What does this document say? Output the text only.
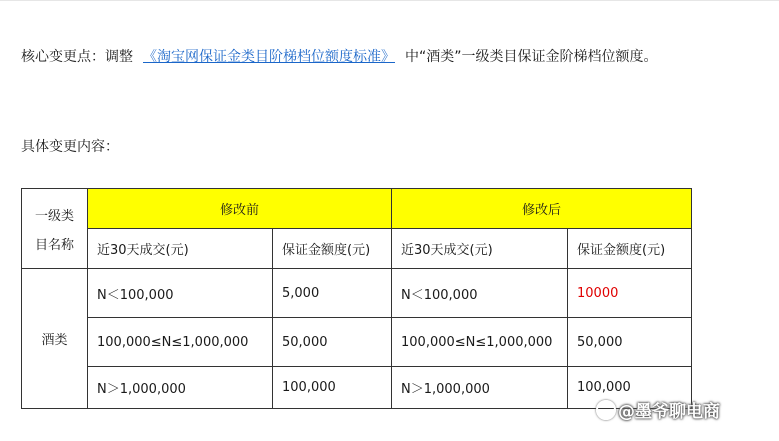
核心变更点：调整 《淘宝网保证金类目阶梯档位额度标准》 中“酒类”一级类目保证金阶梯档位额度。
具体变更内容：
一级类
目名称	修改前		修改后	
	近30天成交(元)	保证金额度(元)	近30天成交(元)	保证金额度(元)
酒类	N＜100,000	5,000	N＜100,000	10000
	100,000≤N≤1,000,000	50,000	100,000≤N≤1,000,000	50,000
	N＞1,000,000	100,000	N＞1,000,000	100,000
@墨爷聊电商
